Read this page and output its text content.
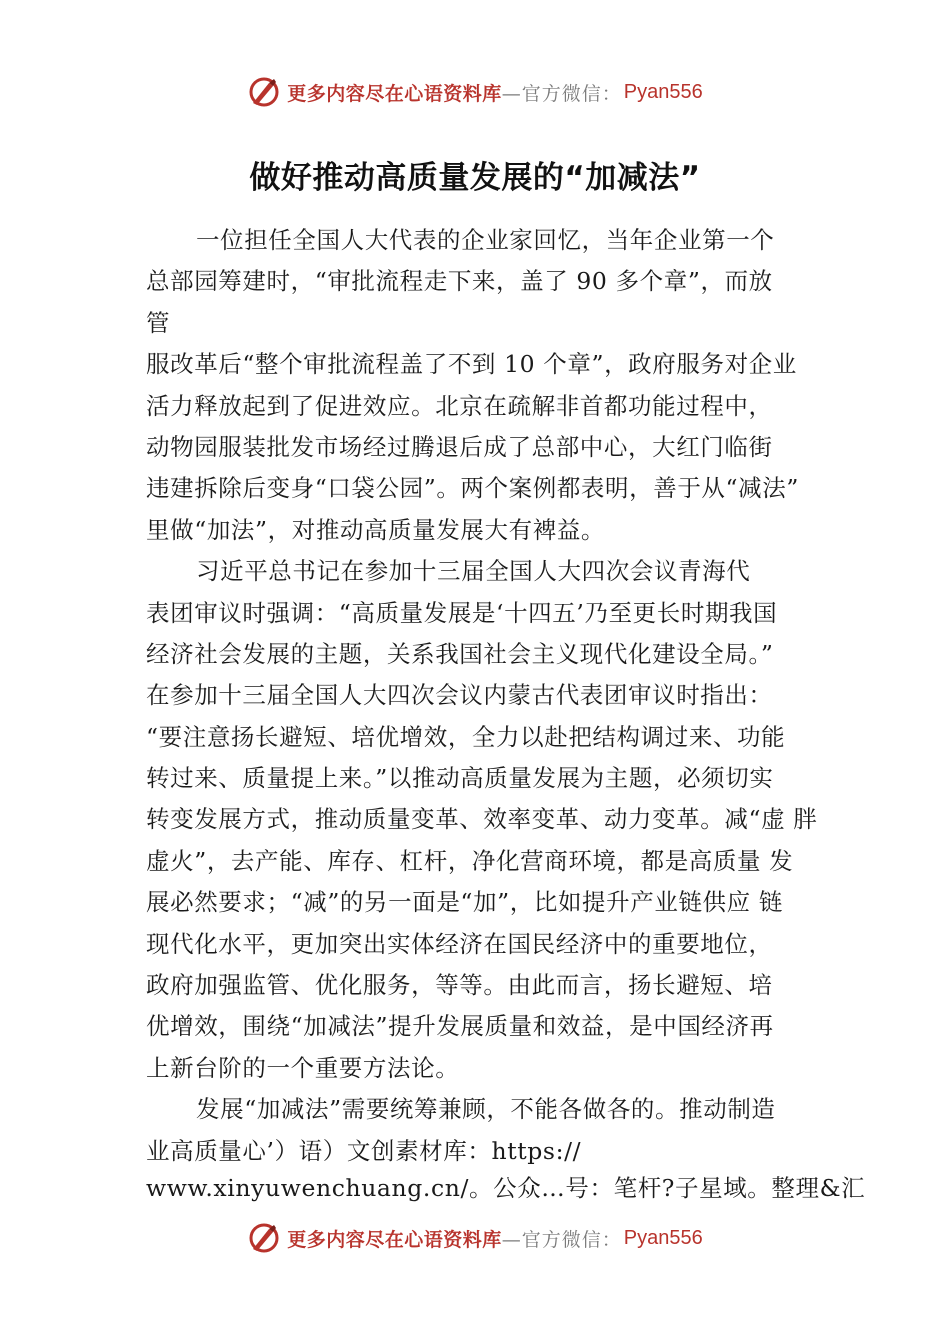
更多内容尽在心语资料库 —官方微信： Pyan556
做好推动高质量发展的“加减法”
一位担任全国人大代表的企业家回忆，当年企业第一个
总部园筹建时，“审批流程走下来，盖了 90 多个章”，而放
管
服改革后“整个审批流程盖了不到 10 个章”，政府服务对企业
活力释放起到了促进效应。北京在疏解非首都功能过程中，
动物园服装批发市场经过腾退后成了总部中心，大红门临街
违建拆除后变身“口袋公园”。两个案例都表明，善于从“减法”
里做“加法”，对推动高质量发展大有裨益。
习近平总书记在参加十三届全国人大四次会议青海代
表团审议时强调：“高质量发展是‘十四五’乃至更长时期我国
经济社会发展的主题，关系我国社会主义现代化建设全局。”
在参加十三届全国人大四次会议内蒙古代表团审议时指出：
“要注意扬长避短、培优增效，全力以赴把结构调过来、功能
转过来、质量提上来。”以推动高质量发展为主题，必须切实
转变发展方式，推动质量变革、效率变革、动力变革。减“虚 胖
虚火”，去产能、库存、杠杆，净化营商环境，都是高质量 发
展必然要求；“减”的另一面是“加”，比如提升产业链供应 链
现代化水平，更加突出实体经济在国民经济中的重要地位，
政府加强监管、优化服务，等等。由此而言，扬长避短、培
优增效，围绕“加减法”提升发展质量和效益，是中国经济再
上新台阶的一个重要方法论。
发展“加减法”需要统筹兼顾，不能各做各的。推动制造
业高质量心’）语）文创素材库：https://
www.xinyuwenchuang.cn/。公众…号：笔杆?子星域。整理&汇
更多内容尽在心语资料库 —官方微信： Pyan556
